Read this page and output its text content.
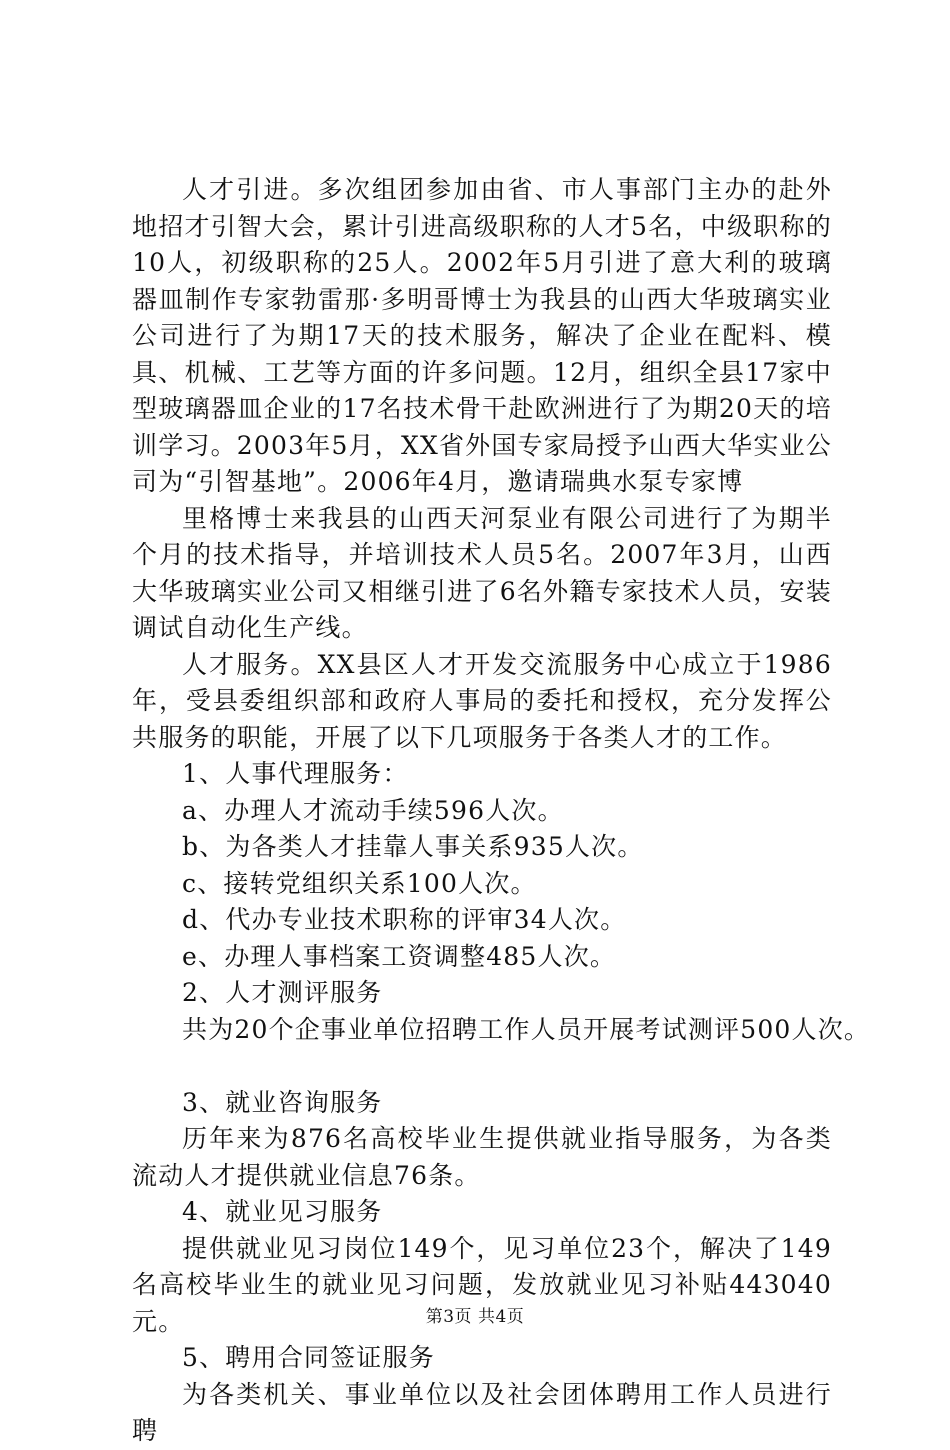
人才引进。多次组团参加由省、市人事部门主办的赴外地招才引智大会，累计引进高级职称的人才5名，中级职称的10人，初级职称的25人。2002年5月引进了意大利的玻璃器皿制作专家勃雷那·多明哥博士为我县的山西大华玻璃实业公司进行了为期17天的技术服务，解决了企业在配料、模具、机械、工艺等方面的许多问题。12月，组织全县17家中型玻璃器皿企业的17名技术骨干赴欧洲进行了为期20天的培训学习。2003年5月，XX省外国专家局授予山西大华实业公司为“引智基地”。2006年4月，邀请瑞典水泵专家博

里格博士来我县的山西天河泵业有限公司进行了为期半个月的技术指导，并培训技术人员5名。2007年3月，山西大华玻璃实业公司又相继引进了6名外籍专家技术人员，安装调试自动化生产线。

人才服务。XX县区人才开发交流服务中心成立于1986年，受县委组织部和政府人事局的委托和授权，充分发挥公共服务的职能，开展了以下几项服务于各类人才的工作。

1、人事代理服务：

a、办理人才流动手续596人次。

b、为各类人才挂靠人事关系935人次。

c、接转党组织关系100人次。

d、代办专业技术职称的评审34人次。

e、办理人事档案工资调整485人次。

2、人才测评服务

共为20个企事业单位招聘工作人员开展考试测评500人次。

3、就业咨询服务

历年来为876名高校毕业生提供就业指导服务，为各类流动人才提供就业信息76条。

4、就业见习服务

提供就业见习岗位149个，见习单位23个，解决了149名高校毕业生的就业见习问题，发放就业见习补贴443040元。

5、聘用合同签证服务

为各类机关、事业单位以及社会团体聘用工作人员进行聘

第3页 共4页
